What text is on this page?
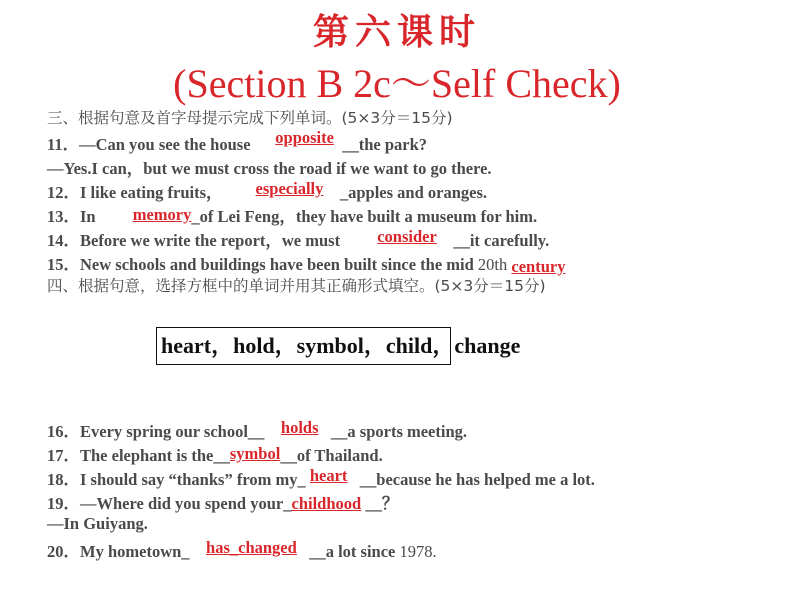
第六课时
(Section B 2c～Self Check)
三、根据句意及首字母提示完成下列单词。(5×3分＝15分)
11．—Can you see the house opposite __the park?
—Yes.I can，but we must cross the road if we want to go there.
12．I like eating fruits， especially _apples and oranges.
13．In memory_of Lei Feng，they have built a museum for him.
14．Before we write the report，we must consider __it carefully.
15．New schools and buildings have been built since the mid 20th century
四、根据句意，选择方框中的单词并用其正确形式填空。(5×3分＝15分)
heart，hold，symbol，child，change
16．Every spring our school__ holds __a sports meeting.
17．The elephant is the__symbol__of Thailand.
18．I should say “thanks” from my_ heart __because he has helped me a lot.
19．—Where did you spend your_childhood __？
—In Guiyang.
20．My hometown_ has_changed __a lot since 1978.
